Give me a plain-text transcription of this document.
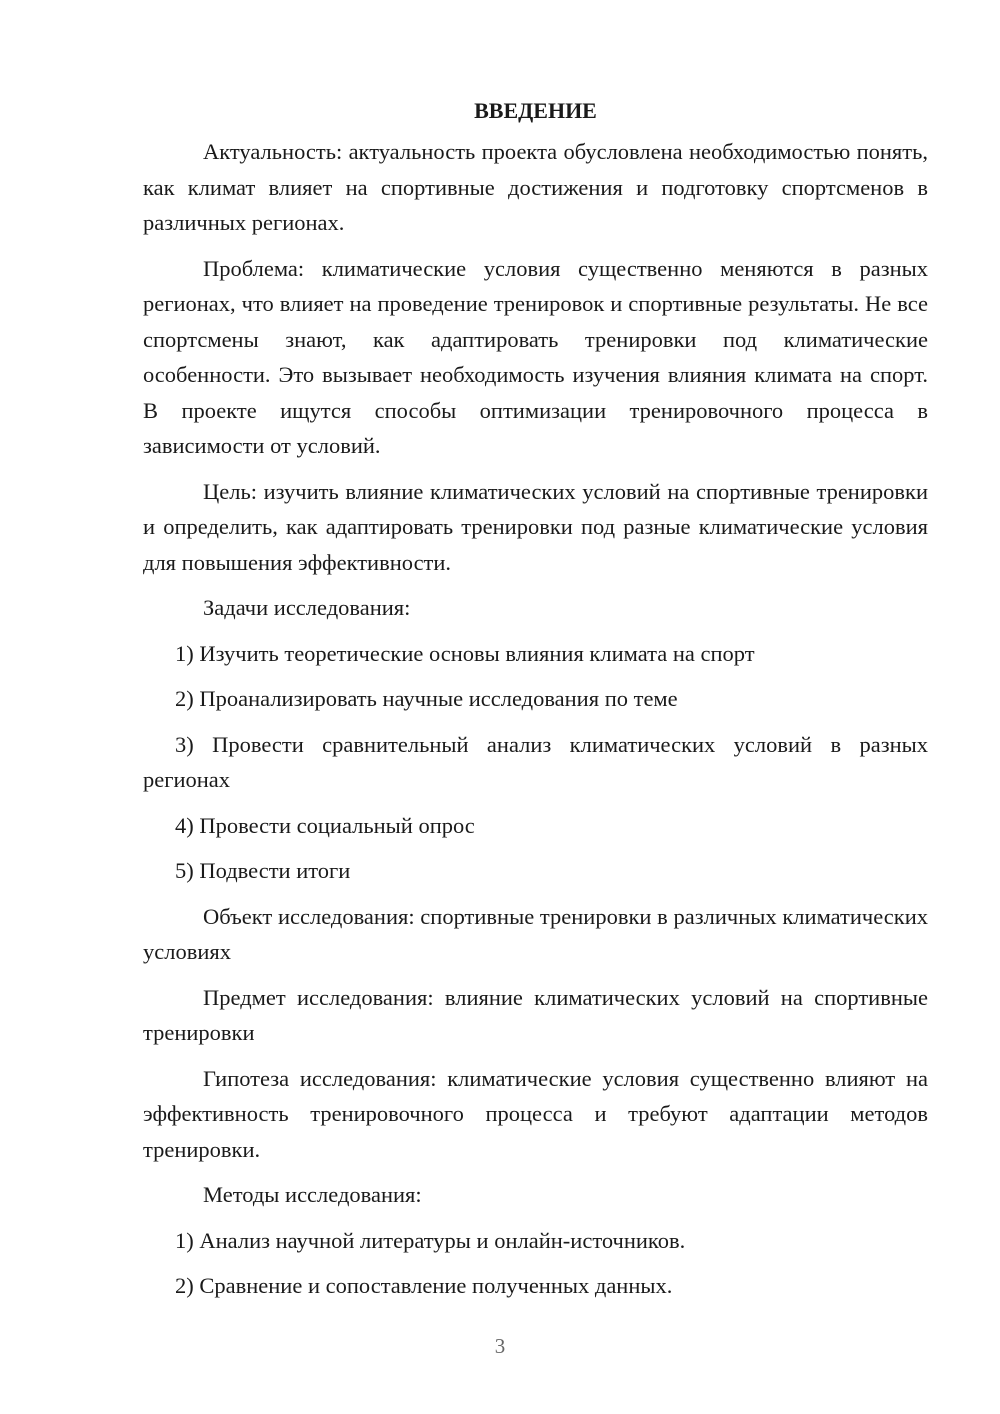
ВВЕДЕНИЕ

Актуальность: актуальность проекта обусловлена необходимостью понять, как климат влияет на спортивные достижения и подготовку спортсменов в различных регионах.

Проблема: климатические условия существенно меняются в разных регионах, что влияет на проведение тренировок и спортивные результаты. Не все спортсмены знают, как адаптировать тренировки под климатические особенности. Это вызывает необходимость изучения влияния климата на спорт. В проекте ищутся способы оптимизации тренировочного процесса в зависимости от условий.

Цель: изучить влияние климатических условий на спортивные тренировки и определить, как адаптировать тренировки под разные климатические условия для повышения эффективности.

Задачи исследования:

1) Изучить теоретические основы влияния климата на спорт

2) Проанализировать научные исследования по теме

3) Провести сравнительный анализ климатических условий в разных регионах

4) Провести социальный опрос

5) Подвести итоги

Объект исследования: спортивные тренировки в различных климатических условиях

Предмет исследования: влияние климатических условий на спортивные тренировки

Гипотеза исследования: климатические условия существенно влияют на эффективность тренировочного процесса и требуют адаптации методов тренировки.

Методы исследования:

1) Анализ научной литературы и онлайн-источников.

2) Сравнение и сопоставление полученных данных.

3
